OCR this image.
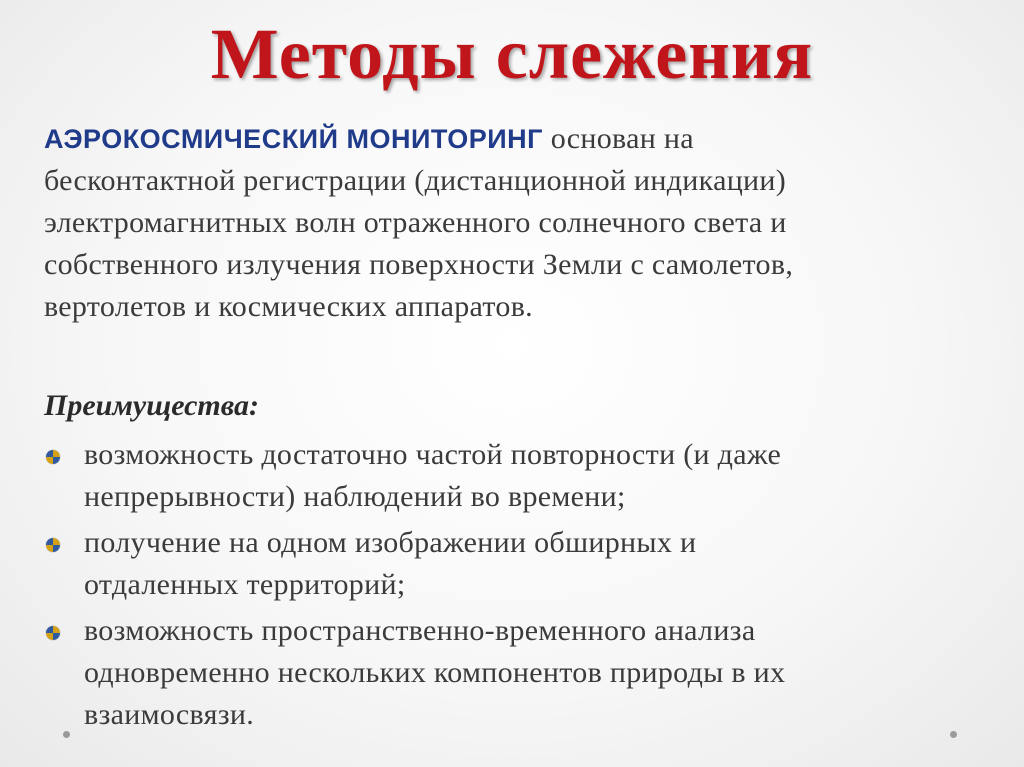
Методы слежения
АЭРОКОСМИЧЕСКИЙ МОНИТОРИНГ основан на
бесконтактной регистрации (дистанционной индикации)
электромагнитных волн отраженного солнечного света и
собственного излучения поверхности Земли с самолетов,
вертолетов и космических аппаратов.
Преимущества:
возможность достаточно частой повторности (и даже
непрерывности) наблюдений во времени;
получение на одном изображении обширных и
отдаленных территорий;
возможность пространственно-временного анализа
одновременно нескольких компонентов природы в их
взаимосвязи.
